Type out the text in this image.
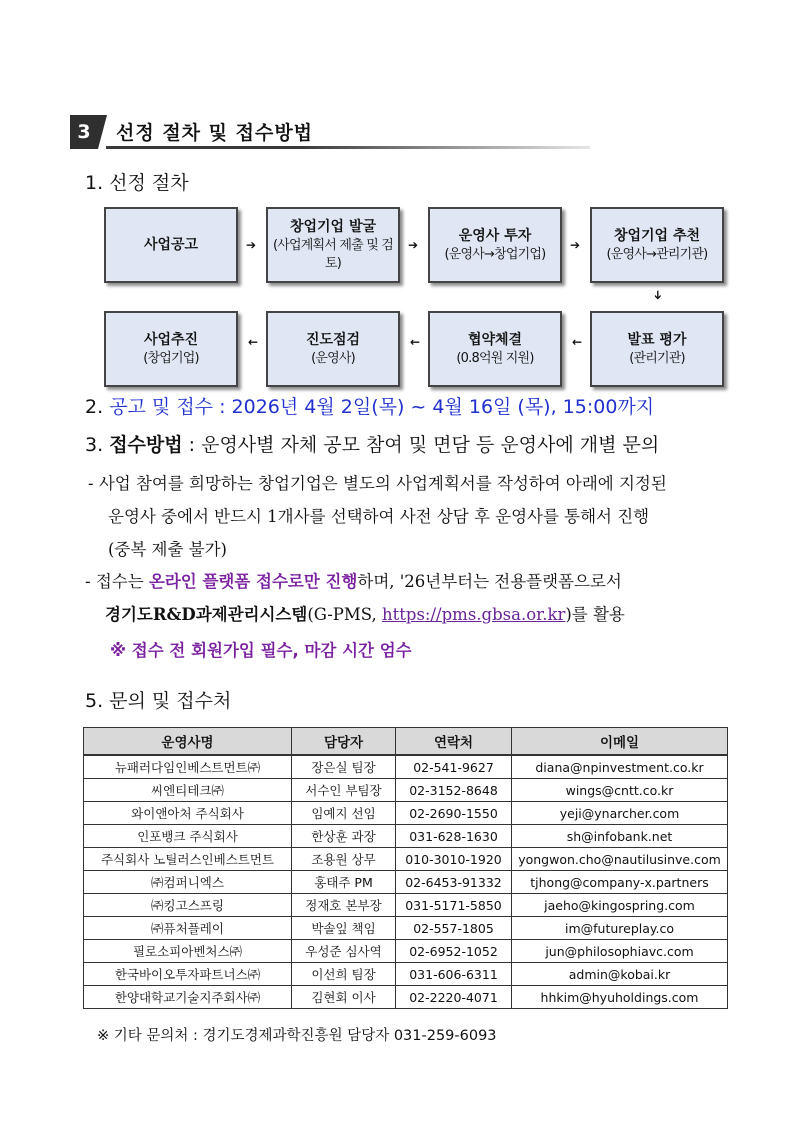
3	선정 절차 및 접수방법
1. 선정 절차
사업공고	➔
창업기업 발굴
(사업계획서 제출 및 검토)
➔
운영사 투자
(운영사→창업기업)
➔
창업기업 추천
(운영사→관리기관)
➔
발표 평가
(관리기관)
←
협약체결
(0.8억원 지원)
←
진도점검
(운영사)
←
사업추진
(창업기업)
2. 공고 및 접수 : 2026년 4월 2일(목) ~ 4월 16일 (목), 15:00까지
3. 접수방법 : 운영사별 자체 공모 참여 및 면담 등 운영사에 개별 문의
- 사업 참여를 희망하는 창업기업은 별도의 사업계획서를 작성하여 아래에 지정된
운영사 중에서 반드시 1개사를 선택하여 사전 상담 후 운영사를 통해서 진행
(중복 제출 불가)
- 접수는 온라인 플랫폼 접수로만 진행하며, '26년부터는 전용플랫폼으로서
경기도R&D과제관리시스템(G-PMS, https://pms.gbsa.or.kr)를 활용
※ 접수 전 회원가입 필수, 마감 시간 엄수
5. 문의 및 접수처
운영사명	담당자	연락처	이메일
뉴패러다임인베스트먼트㈜	장은실 팀장	02-541-9627	diana@npinvestment.co.kr
씨엔티테크㈜	서수인 부팀장	02-3152-8648	wings@cntt.co.kr
와이앤아처 주식회사	임예지 선임	02-2690-1550	yeji@ynarcher.com
인포뱅크 주식회사	한상훈 과장	031-628-1630	sh@infobank.net
주식회사 노틸러스인베스트먼트	조용원 상무	010-3010-1920	yongwon.cho@nautilusinve.com
㈜컴퍼니엑스	홍태주 PM	02-6453-91332	tjhong@company-x.partners
㈜킹고스프링	정재호 본부장	031-5171-5850	jaeho@kingospring.com
㈜퓨처플레이	박솔잎 책임	02-557-1805	im@futureplay.co
필로소피아벤처스㈜	우성준 심사역	02-6952-1052	jun@philosophiavc.com
한국바이오투자파트너스㈜	이선희 팀장	031-606-6311	admin@kobai.kr
한양대학교기술지주회사㈜	김현회 이사	02-2220-4071	hhkim@hyuholdings.com
※ 기타 문의처 : 경기도경제과학진흥원 담당자 031-259-6093
